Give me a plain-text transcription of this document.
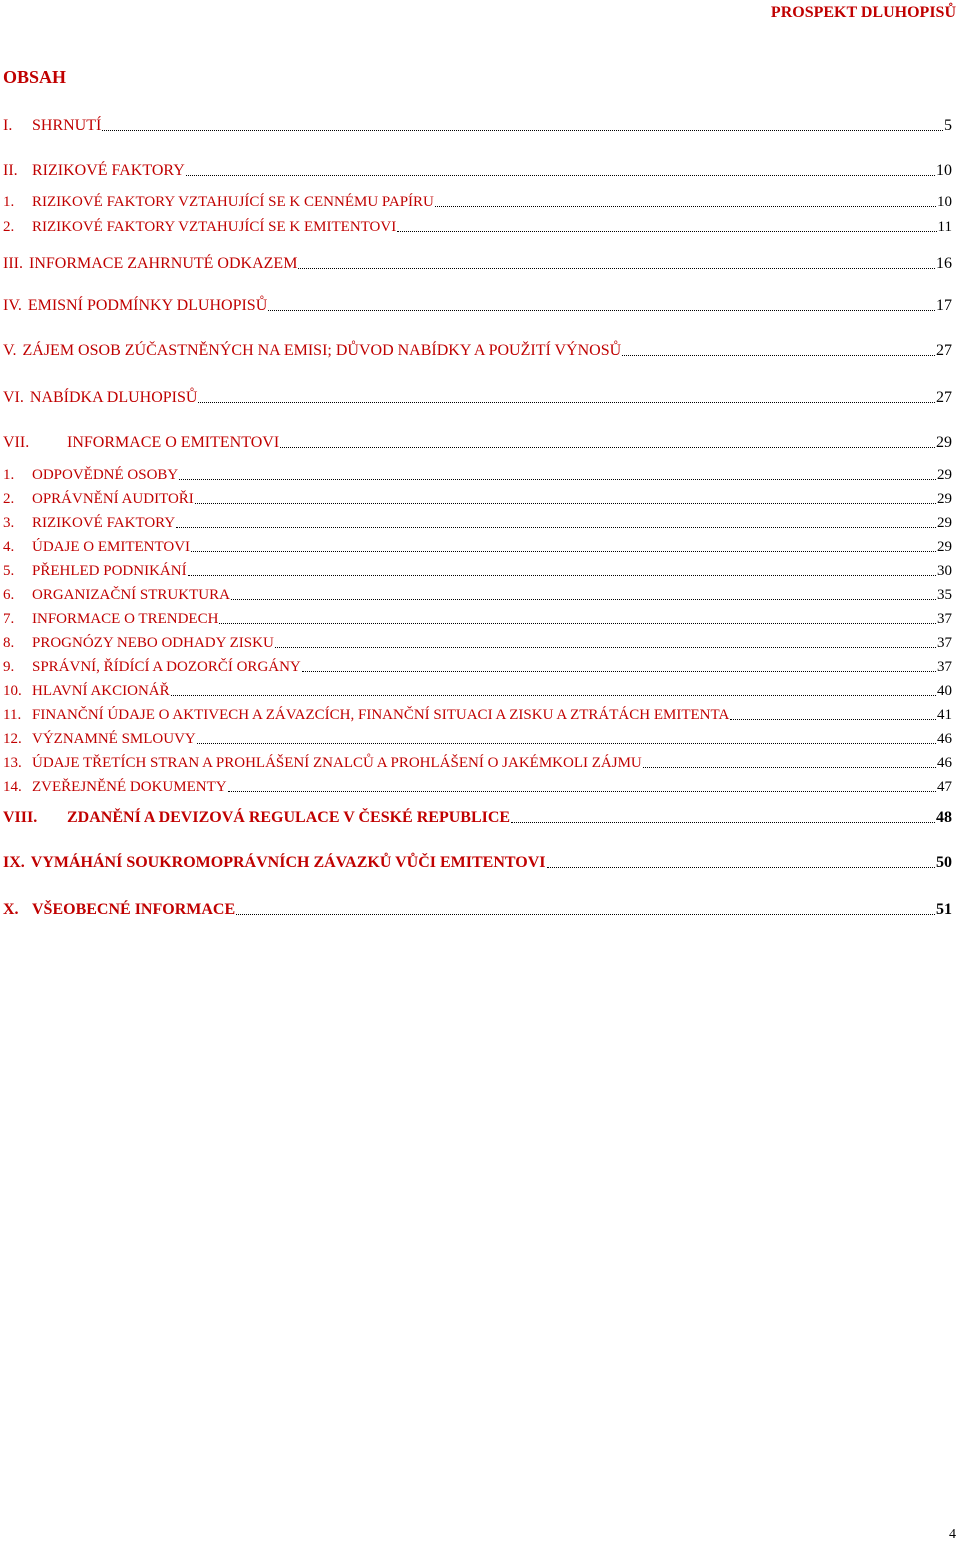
PROSPEKT DLUHOPISŮ
OBSAH
I.	SHRNUTÍ	5
II. RIZIKOVÉ FAKTORY	10
1.	RIZIKOVÉ FAKTORY VZTAHUJÍCÍ SE K CENNÉMU PAPÍRU	10
2.	RIZIKOVÉ FAKTORY VZTAHUJÍCÍ SE K EMITENTOVI	11
III. INFORMACE ZAHRNUTÉ ODKAZEM	16
IV. EMISNÍ PODMÍNKY DLUHOPISŮ	17
V. ZÁJEM OSOB ZÚČASTNĚNÝCH NA EMISI; DŮVOD NABÍDKY A POUŽITÍ VÝNOSŮ	27
VI. NABÍDKA DLUHOPISŮ	27
VII.	INFORMACE O EMITENTOVI	29
1.	ODPOVĚDNÉ OSOBY	29
2.	OPRÁVNĚNÍ AUDITOŘI	29
3.	RIZIKOVÉ FAKTORY	29
4.	ÚDAJE O EMITENTOVI	29
5.	PŘEHLED PODNIKÁNÍ	30
6.	ORGANIZAČNÍ STRUKTURA	35
7.	INFORMACE O TRENDECH	37
8.	PROGNÓZY NEBO ODHADY ZISKU	37
9.	SPRÁVNÍ, ŘÍDÍCÍ A DOZORČÍ ORGÁNY	37
10. HLAVNÍ AKCIONÁŘ	40
11. FINANČNÍ ÚDAJE O AKTIVECH A ZÁVAZCÍCH, FINANČNÍ SITUACI A ZISKU A ZTRÁTÁCH EMITENTA	41
12. VÝZNAMNÉ SMLOUVY	46
13. ÚDAJE TŘETÍCH STRAN A PROHLÁŠENÍ ZNALCŮ A PROHLÁŠENÍ O JAKÉMKOLI ZÁJMU	46
14. ZVEŘEJNĚNÉ DOKUMENTY	47
VIII.	ZDANĚNÍ A DEVIZOVÁ REGULACE V ČESKÉ REPUBLICE	48
IX. VYMÁHÁNÍ SOUKROMOPRÁVNÍCH ZÁVAZKŮ VŮČI EMITENTOVI	50
X. VŠEOBECNÉ INFORMACE	51
4
